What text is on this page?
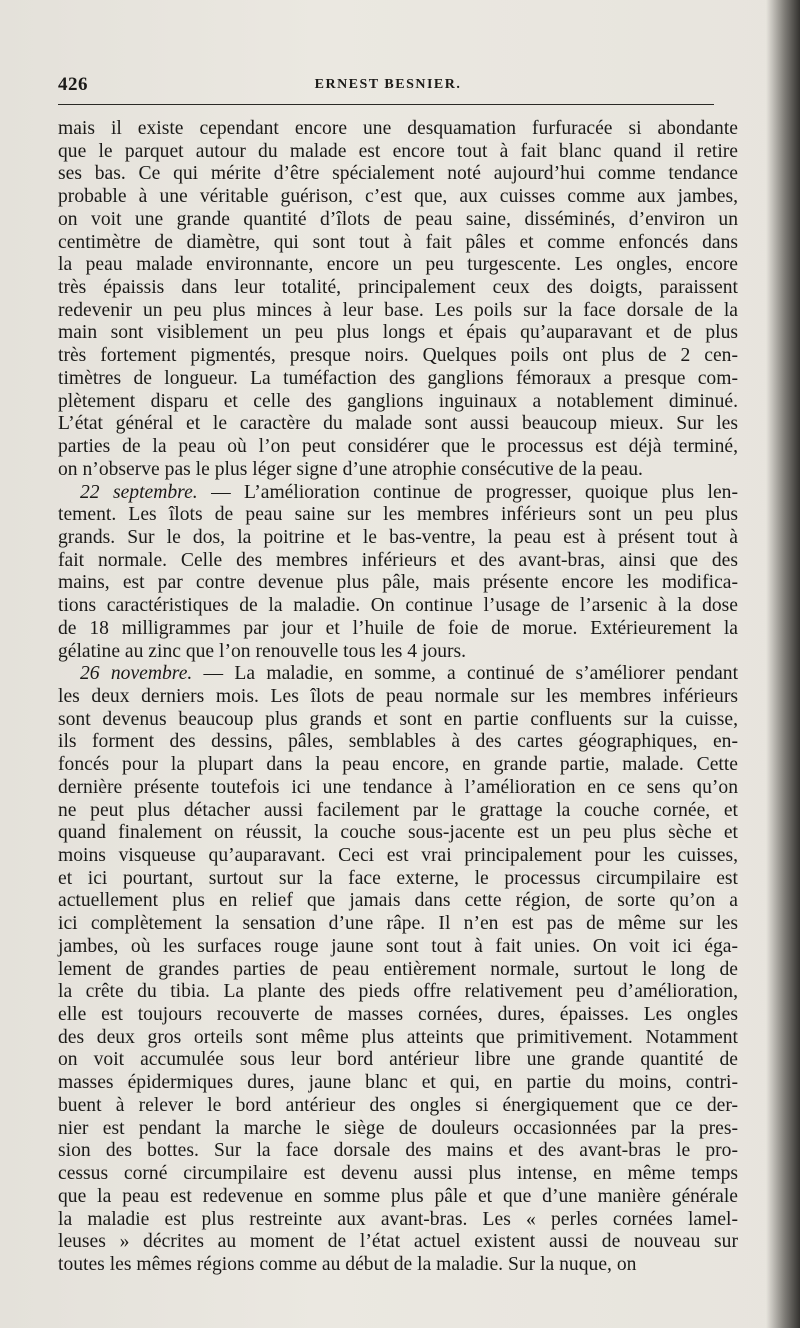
426	ERNEST BESNIER.
mais il existe cependant encore une desquamation furfuracée si abondante
que le parquet autour du malade est encore tout à fait blanc quand il retire
ses bas. Ce qui mérite d’être spécialement noté aujourd’hui comme tendance
probable à une véritable guérison, c’est que, aux cuisses comme aux jambes,
on voit une grande quantité d’îlots de peau saine, disséminés, d’environ un
centimètre de diamètre, qui sont tout à fait pâles et comme enfoncés dans
la peau malade environnante, encore un peu turgescente. Les ongles, encore
très épaissis dans leur totalité, principalement ceux des doigts, paraissent
redevenir un peu plus minces à leur base. Les poils sur la face dorsale de la
main sont visiblement un peu plus longs et épais qu’auparavant et de plus
très fortement pigmentés, presque noirs. Quelques poils ont plus de 2 cen-
timètres de longueur. La tuméfaction des ganglions fémoraux a presque com-
plètement disparu et celle des ganglions inguinaux a notablement diminué.
L’état général et le caractère du malade sont aussi beaucoup mieux. Sur les
parties de la peau où l’on peut considérer que le processus est déjà terminé,
on n’observe pas le plus léger signe d’une atrophie consécutive de la peau.
22 septembre. — L’amélioration continue de progresser, quoique plus len-
tement. Les îlots de peau saine sur les membres inférieurs sont un peu plus
grands. Sur le dos, la poitrine et le bas-ventre, la peau est à présent tout à
fait normale. Celle des membres inférieurs et des avant-bras, ainsi que des
mains, est par contre devenue plus pâle, mais présente encore les modifica-
tions caractéristiques de la maladie. On continue l’usage de l’arsenic à la dose
de 18 milligrammes par jour et l’huile de foie de morue. Extérieurement la
gélatine au zinc que l’on renouvelle tous les 4 jours.
26 novembre. — La maladie, en somme, a continué de s’améliorer pendant
les deux derniers mois. Les îlots de peau normale sur les membres inférieurs
sont devenus beaucoup plus grands et sont en partie confluents sur la cuisse,
ils forment des dessins, pâles, semblables à des cartes géographiques, en-
foncés pour la plupart dans la peau encore, en grande partie, malade. Cette
dernière présente toutefois ici une tendance à l’amélioration en ce sens qu’on
ne peut plus détacher aussi facilement par le grattage la couche cornée, et
quand finalement on réussit, la couche sous-jacente est un peu plus sèche et
moins visqueuse qu’auparavant. Ceci est vrai principalement pour les cuisses,
et ici pourtant, surtout sur la face externe, le processus circumpilaire est
actuellement plus en relief que jamais dans cette région, de sorte qu’on a
ici complètement la sensation d’une râpe. Il n’en est pas de même sur les
jambes, où les surfaces rouge jaune sont tout à fait unies. On voit ici éga-
lement de grandes parties de peau entièrement normale, surtout le long de
la crête du tibia. La plante des pieds offre relativement peu d’amélioration,
elle est toujours recouverte de masses cornées, dures, épaisses. Les ongles
des deux gros orteils sont même plus atteints que primitivement. Notamment
on voit accumulée sous leur bord antérieur libre une grande quantité de
masses épidermiques dures, jaune blanc et qui, en partie du moins, contri-
buent à relever le bord antérieur des ongles si énergiquement que ce der-
nier est pendant la marche le siège de douleurs occasionnées par la pres-
sion des bottes. Sur la face dorsale des mains et des avant-bras le pro-
cessus corné circumpilaire est devenu aussi plus intense, en même temps
que la peau est redevenue en somme plus pâle et que d’une manière générale
la maladie est plus restreinte aux avant-bras. Les « perles cornées lamel-
leuses » décrites au moment de l’état actuel existent aussi de nouveau sur
toutes les mêmes régions comme au début de la maladie. Sur la nuque, on
